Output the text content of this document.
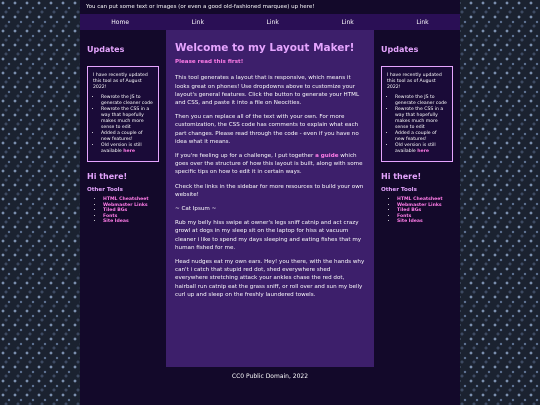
You can put some text or images (or even a good old-fashioned marquee) up here!
Home	Link	Link	Link	Link
Updates

I have recently updated this tool as of August 2022!

• Rewrote the JS to generate cleaner code
• Rewrote the CSS in a way that hopefully makes much more sense to edit
• Added a couple of new features!
• Old version is still available here
Hi there!
Other Tools
• HTML Cheatsheet
• Webmaster Links
• Tiled BGs
• Fonts
• Site Ideas
Welcome to my Layout Maker!

Please read this first!

This tool generates a layout that is responsive, which means it looks great on phones! Use dropdowns above to customize your layout's general features. Click the button to generate your HTML and CSS, and paste it into a file on Neocities.

Then you can replace all of the text with your own. For more customization, the CSS code has comments to explain what each part changes. Please read through the code - even if you have no idea what it means.

If you're feeling up for a challenge, I put together a guide which goes over the structure of how this layout is built, along with some specific tips on how to edit it in certain ways.

Check the links in the sidebar for more resources to build your own website!

~ Cat Ipsum ~

Rub my belly hiss swipe at owner's legs sniff catnip and act crazy growl at dogs in my sleep sit on the laptop for hiss at vacuum cleaner i like to spend my days sleeping and eating fishes that my human fished for me.

Head nudges eat my own ears. Hey! you there, with the hands why can't i catch that stupid red dot, shed everywhere shed everywhere stretching attack your ankles chase the red dot, hairball run catnip eat the grass sniff, or roll over and sun my belly curl up and sleep on the freshly laundered towels.

Updates

I have recently updated this tool as of August 2022!

• Rewrote the JS to generate cleaner code
• Rewrote the CSS in a way that hopefully makes much more sense to edit
• Added a couple of new features!
• Old version is still available here
Hi there!
Other Tools
• HTML Cheatsheet
• Webmaster Links
• Tiled BGs
• Fonts
• Site Ideas
CC0 Public Domain, 2022
